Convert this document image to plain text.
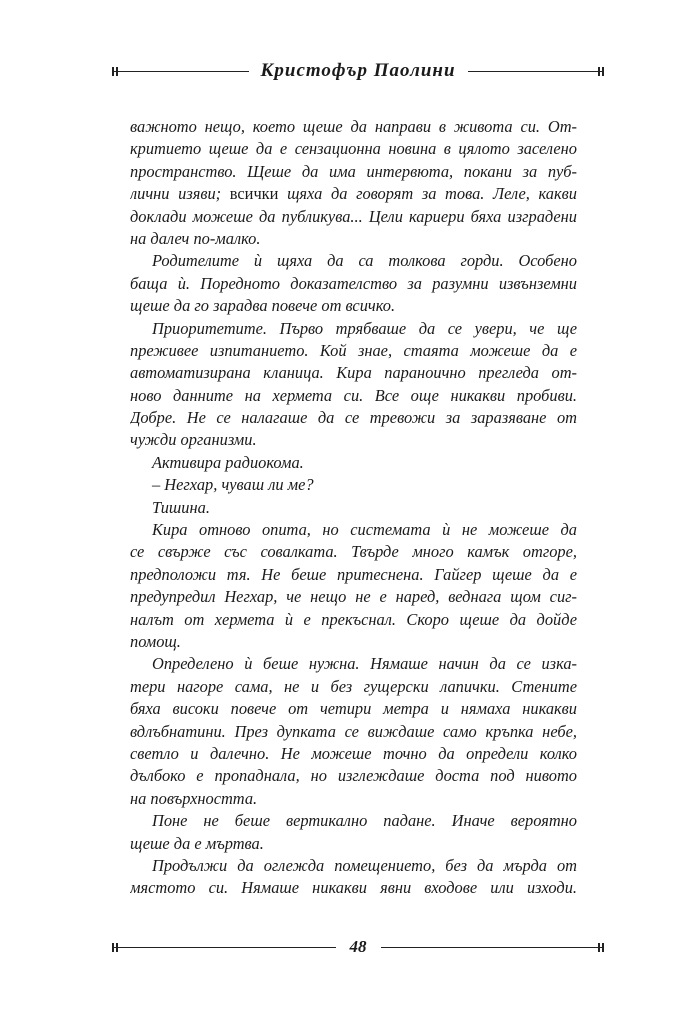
Кристофър Паолини
важното нещо, което щеше да направи в живота си. От-
критието щеше да е сензационна новина в цялото заселено
пространство. Щеше да има интервюта, покани за пуб-
лични изяви; всички щяха да говорят за това. Леле, какви
доклади можеше да публикува... Цели кариери бяха изградени
на далеч по-малко.
Родителите ѝ щяха да са толкова горди. Особено
баща ѝ. Поредното доказателство за разумни извънземни
щеше да го зарадва повече от всичко.
Приоритетите. Първо трябваше да се увери, че ще
преживее изпитанието. Кой знае, стаята можеше да е
автоматизирана кланица. Кира параноично прегледа от-
ново данните на хермета си. Все още никакви пробиви.
Добре. Не се налагаше да се тревожи за заразяване от
чужди организми.
Активира радиокома.
– Негхар, чуваш ли ме?
Тишина.
Кира отново опита, но системата ѝ не можеше да
се свърже със совалката. Твърде много камък отгоре,
предположи тя. Не беше притеснена. Гайгер щеше да е
предупредил Негхар, че нещо не е наред, веднага щом сиг-
налът от хермета ѝ е прекъснал. Скоро щеше да дойде
помощ.
Определено ѝ беше нужна. Нямаше начин да се изка-
тери нагоре сама, не и без гущерски лапички. Стените
бяха високи повече от четири метра и нямаха никакви
вдлъбнатини. През дупката се виждаше само кръпка небе,
светло и далечно. Не можеше точно да определи колко
дълбоко е пропаднала, но изглеждаше доста под нивото
на повърхността.
Поне не беше вертикално падане. Иначе вероятно
щеше да е мъртва.
Продължи да оглежда помещението, без да мърда от
мястото си. Нямаше никакви явни входове или изходи.
48
